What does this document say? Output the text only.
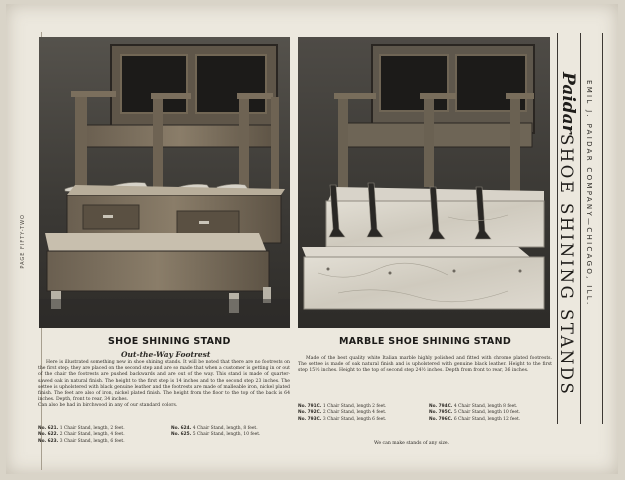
PAGE FIFTY-TWO
SHOE SHINING STAND
Out-the-Way Footrest
Here is illustrated something new in shoe shining stands. It will be noted that there are no footrests on the first step; they are placed on the second step and are so made that when a customer is getting in or out of the chair the footrests are pushed backwards and are out of the way. This stand is made of quarter-sawed oak in natural finish. The height to the first step is 14 inches and to the second step 23 inches. The settee is upholstered with black genuine leather and the footrests are made of malleable iron, nickel plated finish. The feet are also of iron, nickel plated finish. The height from the floor to the top of the back is 64 inches. Depth, front to rear, 34 inches.
Can also be had in birchwood in any of our standard colors.
No. 621. 1 Chair Stand, length, 2 feet.
No. 622. 2 Chair Stand, length, 4 feet.
No. 623. 3 Chair Stand, length, 6 feet.
No. 624. 4 Chair Stand, length, 8 feet.
No. 625. 5 Chair Stand, length, 10 feet.
MARBLE SHOE SHINING STAND
Made of the best quality white Italian marble highly polished and fitted with chrome plated footrests. The settee is made of oak natural finish and is upholstered with genuine black leather. Height to the first step 15½ inches. Height to the top of second step 24½ inches. Depth from front to rear, 36 inches.
No. 791C. 1 Chair Stand, length 2 feet.
No. 792C. 2 Chair Stand, length 4 feet.
No. 793C. 3 Chair Stand, length 6 feet.
No. 794C. 4 Chair Stand, length 8 feet.
No. 795C. 5 Chair Stand, length 10 feet.
No. 796C. 6 Chair Stand, length 12 feet.
We can make stands of any size.
Paidar
SHOE SHINING STANDS EMIL J. PAIDAR COMPANY—CHICAGO, ILL.
